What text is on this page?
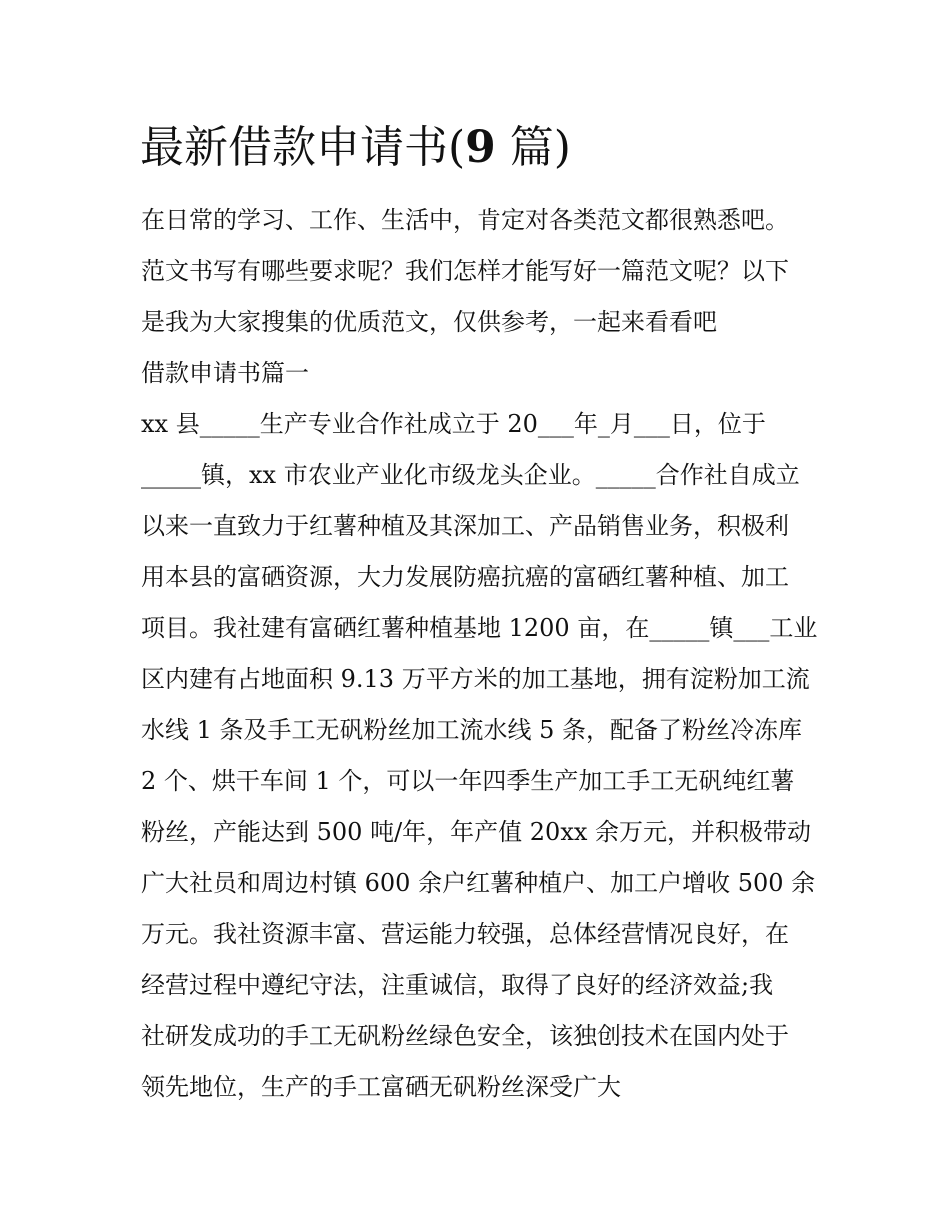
最新借款申请书(9 篇)

在日常的学习、工作、生活中，肯定对各类范文都很熟悉吧。

范文书写有哪些要求呢？我们怎样才能写好一篇范文呢？以下

是我为大家搜集的优质范文，仅供参考，一起来看看吧

借款申请书篇一

xx 县_____生产专业合作社成立于 20___年_月___日，位于

_____镇，xx 市农业产业化市级龙头企业。_____合作社自成立

以来一直致力于红薯种植及其深加工、产品销售业务，积极利

用本县的富硒资源，大力发展防癌抗癌的富硒红薯种植、加工

项目。我社建有富硒红薯种植基地 1200 亩，在_____镇___工业

区内建有占地面积 9.13 万平方米的加工基地，拥有淀粉加工流

水线 1 条及手工无矾粉丝加工流水线 5 条，配备了粉丝冷冻库

2 个、烘干车间 1 个，可以一年四季生产加工手工无矾纯红薯

粉丝，产能达到 500 吨/年，年产值 20xx 余万元，并积极带动

广大社员和周边村镇 600 余户红薯种植户、加工户增收 500 余

万元。我社资源丰富、营运能力较强，总体经营情况良好，在

经营过程中遵纪守法，注重诚信，取得了良好的经济效益;我

社研发成功的手工无矾粉丝绿色安全，该独创技术在国内处于

领先地位，生产的手工富硒无矾粉丝深受广大
